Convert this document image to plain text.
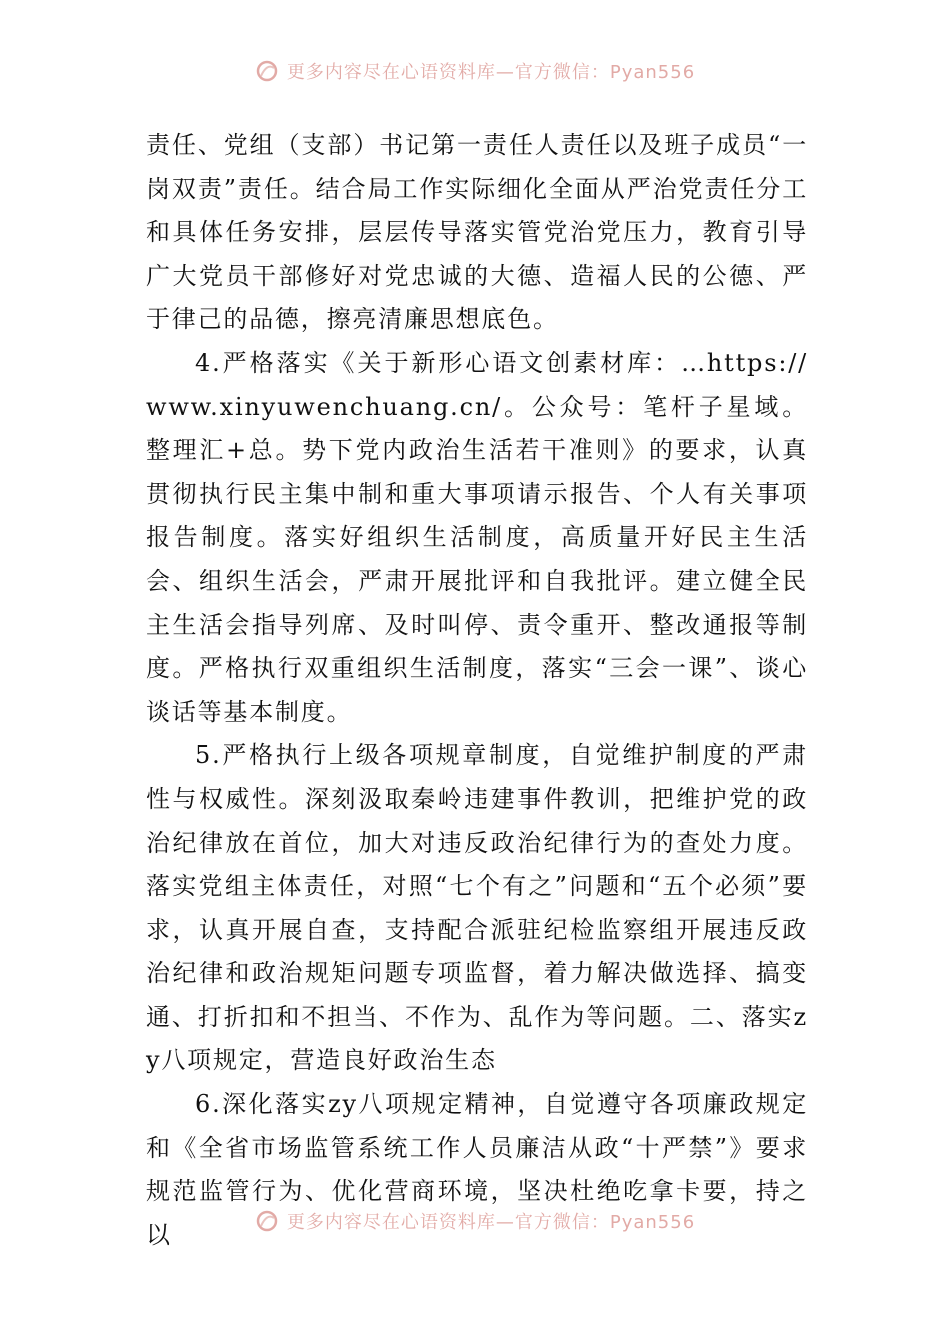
更多内容尽在心语资料库—官方微信：Pyan556

责任、党组（支部）书记第一责任人责任以及班子成员“一岗双责”责任。结合局工作实际细化全面从严治党责任分工和具体任务安排，层层传导落实管党治党压力，教育引导广大党员干部修好对党忠诚的大德、造福人民的公德、严于律己的品德，擦亮清廉思想底色。

4.严格落实《关于新形心语文创素材库：…https://www.xinyuwenchuang.cn/。公众号：笔杆子星域。整理汇+总。势下党内政治生活若干准则》的要求，认真贯彻执行民主集中制和重大事项请示报告、个人有关事项报告制度。落实好组织生活制度，高质量开好民主生活会、组织生活会，严肃开展批评和自我批评。建立健全民主生活会指导列席、及时叫停、责令重开、整改通报等制度。严格执行双重组织生活制度，落实“三会一课”、谈心谈话等基本制度。

5.严格执行上级各项规章制度，自觉维护制度的严肃性与权威性。深刻汲取秦岭违建事件教训，把维护党的政治纪律放在首位，加大对违反政治纪律行为的查处力度。落实党组主体责任，对照“七个有之”问题和“五个必须”要求，认真开展自查，支持配合派驻纪检监察组开展违反政治纪律和政治规矩问题专项监督，着力解决做选择、搞变通、打折扣和不担当、不作为、乱作为等问题。二、落实zy八项规定，营造良好政治生态

6.深化落实zy八项规定精神，自觉遵守各项廉政规定和《全省市场监管系统工作人员廉洁从政“十严禁”》要求规范监管行为、优化营商环境，坚决杜绝吃拿卡要，持之以	更多内容尽在心语资料库—官方微信：Pyan556
